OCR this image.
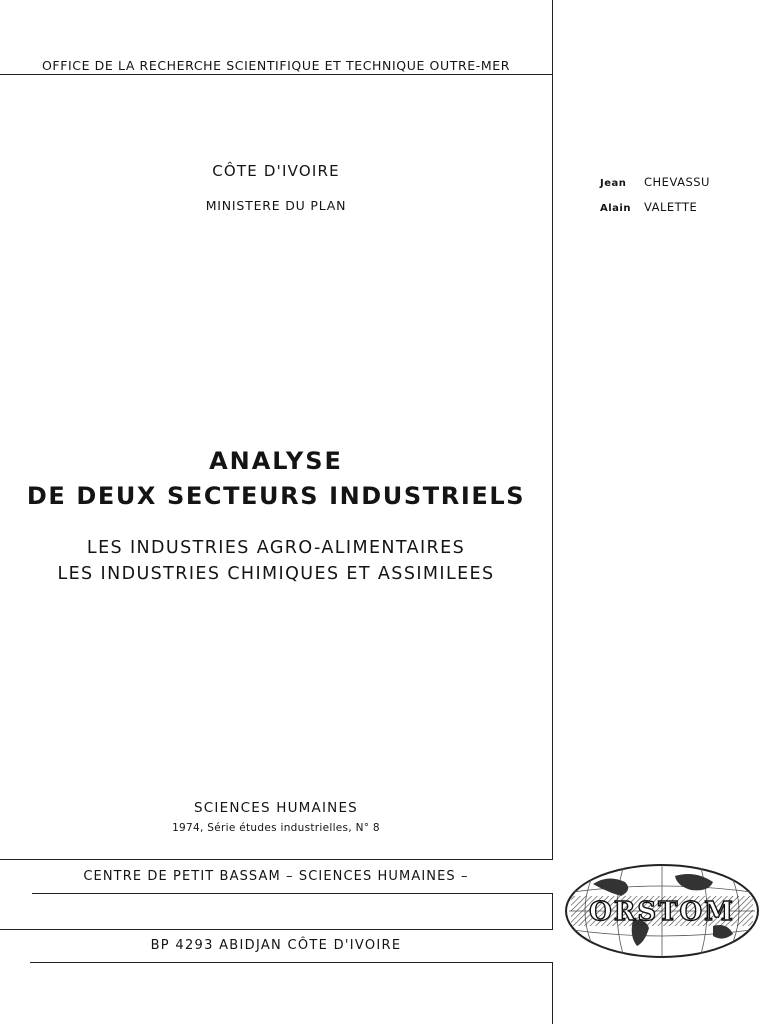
OFFICE DE LA RECHERCHE SCIENTIFIQUE ET TECHNIQUE OUTRE-MER
CÔTE D'IVOIRE
MINISTERE DU PLAN
Jean CHEVASSU
Alain VALETTE
ANALYSE
DE DEUX SECTEURS INDUSTRIELS
LES INDUSTRIES AGRO-ALIMENTAIRES
LES INDUSTRIES CHIMIQUES ET ASSIMILEES
SCIENCES HUMAINES
1974, Série études industrielles, N° 8
CENTRE DE PETIT BASSAM – SCIENCES HUMAINES –
BP 4293 ABIDJAN CÔTE D'IVOIRE
ORSTOM
